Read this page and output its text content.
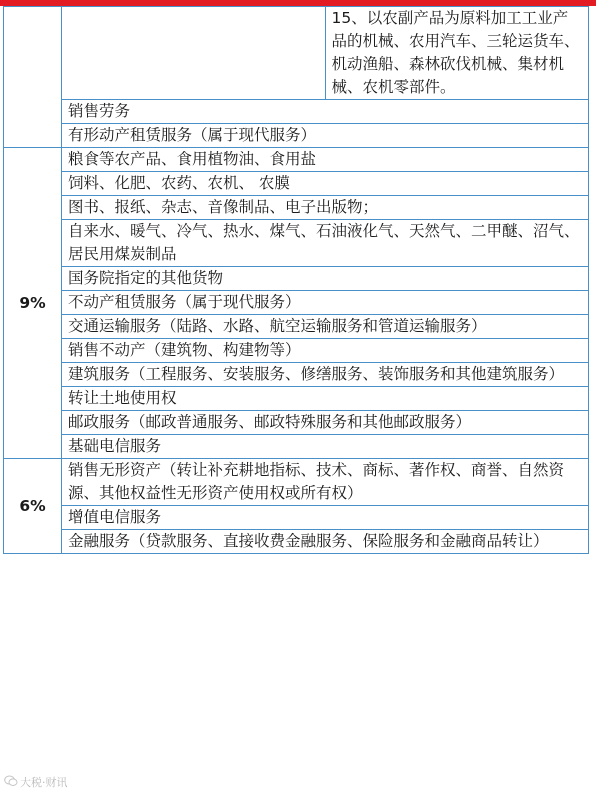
		15、以农副产品为原料加工工业产品的机械、农用汽车、三轮运货车、机动渔船、森林砍伐机械、集材机械、农机零部件。
	销售劳务	
	有形动产租赁服务（属于现代服务）	
9%	粮食等农产品、食用植物油、食用盐	
	饲料、化肥、农药、农机、 农膜	
	图书、报纸、杂志、音像制品、电子出版物；	
	自来水、暖气、冷气、热水、煤气、石油液化气、天然气、二甲醚、沼气、居民用煤炭制品	
	国务院指定的其他货物	
	不动产租赁服务（属于现代服务）	
	交通运输服务（陆路、水路、航空运输服务和管道运输服务）	
	销售不动产（建筑物、构建物等）	
	建筑服务（工程服务、安装服务、修缮服务、装饰服务和其他建筑服务）	
	转让土地使用权	
	邮政服务（邮政普通服务、邮政特殊服务和其他邮政服务）	
	基础电信服务	
6%	销售无形资产（转让补充耕地指标、技术、商标、著作权、商誉、自然资源、其他权益性无形资产使用权或所有权）	
	增值电信服务	
	金融服务（贷款服务、直接收费金融服务、保险服务和金融商品转让）	
大税·财讯
